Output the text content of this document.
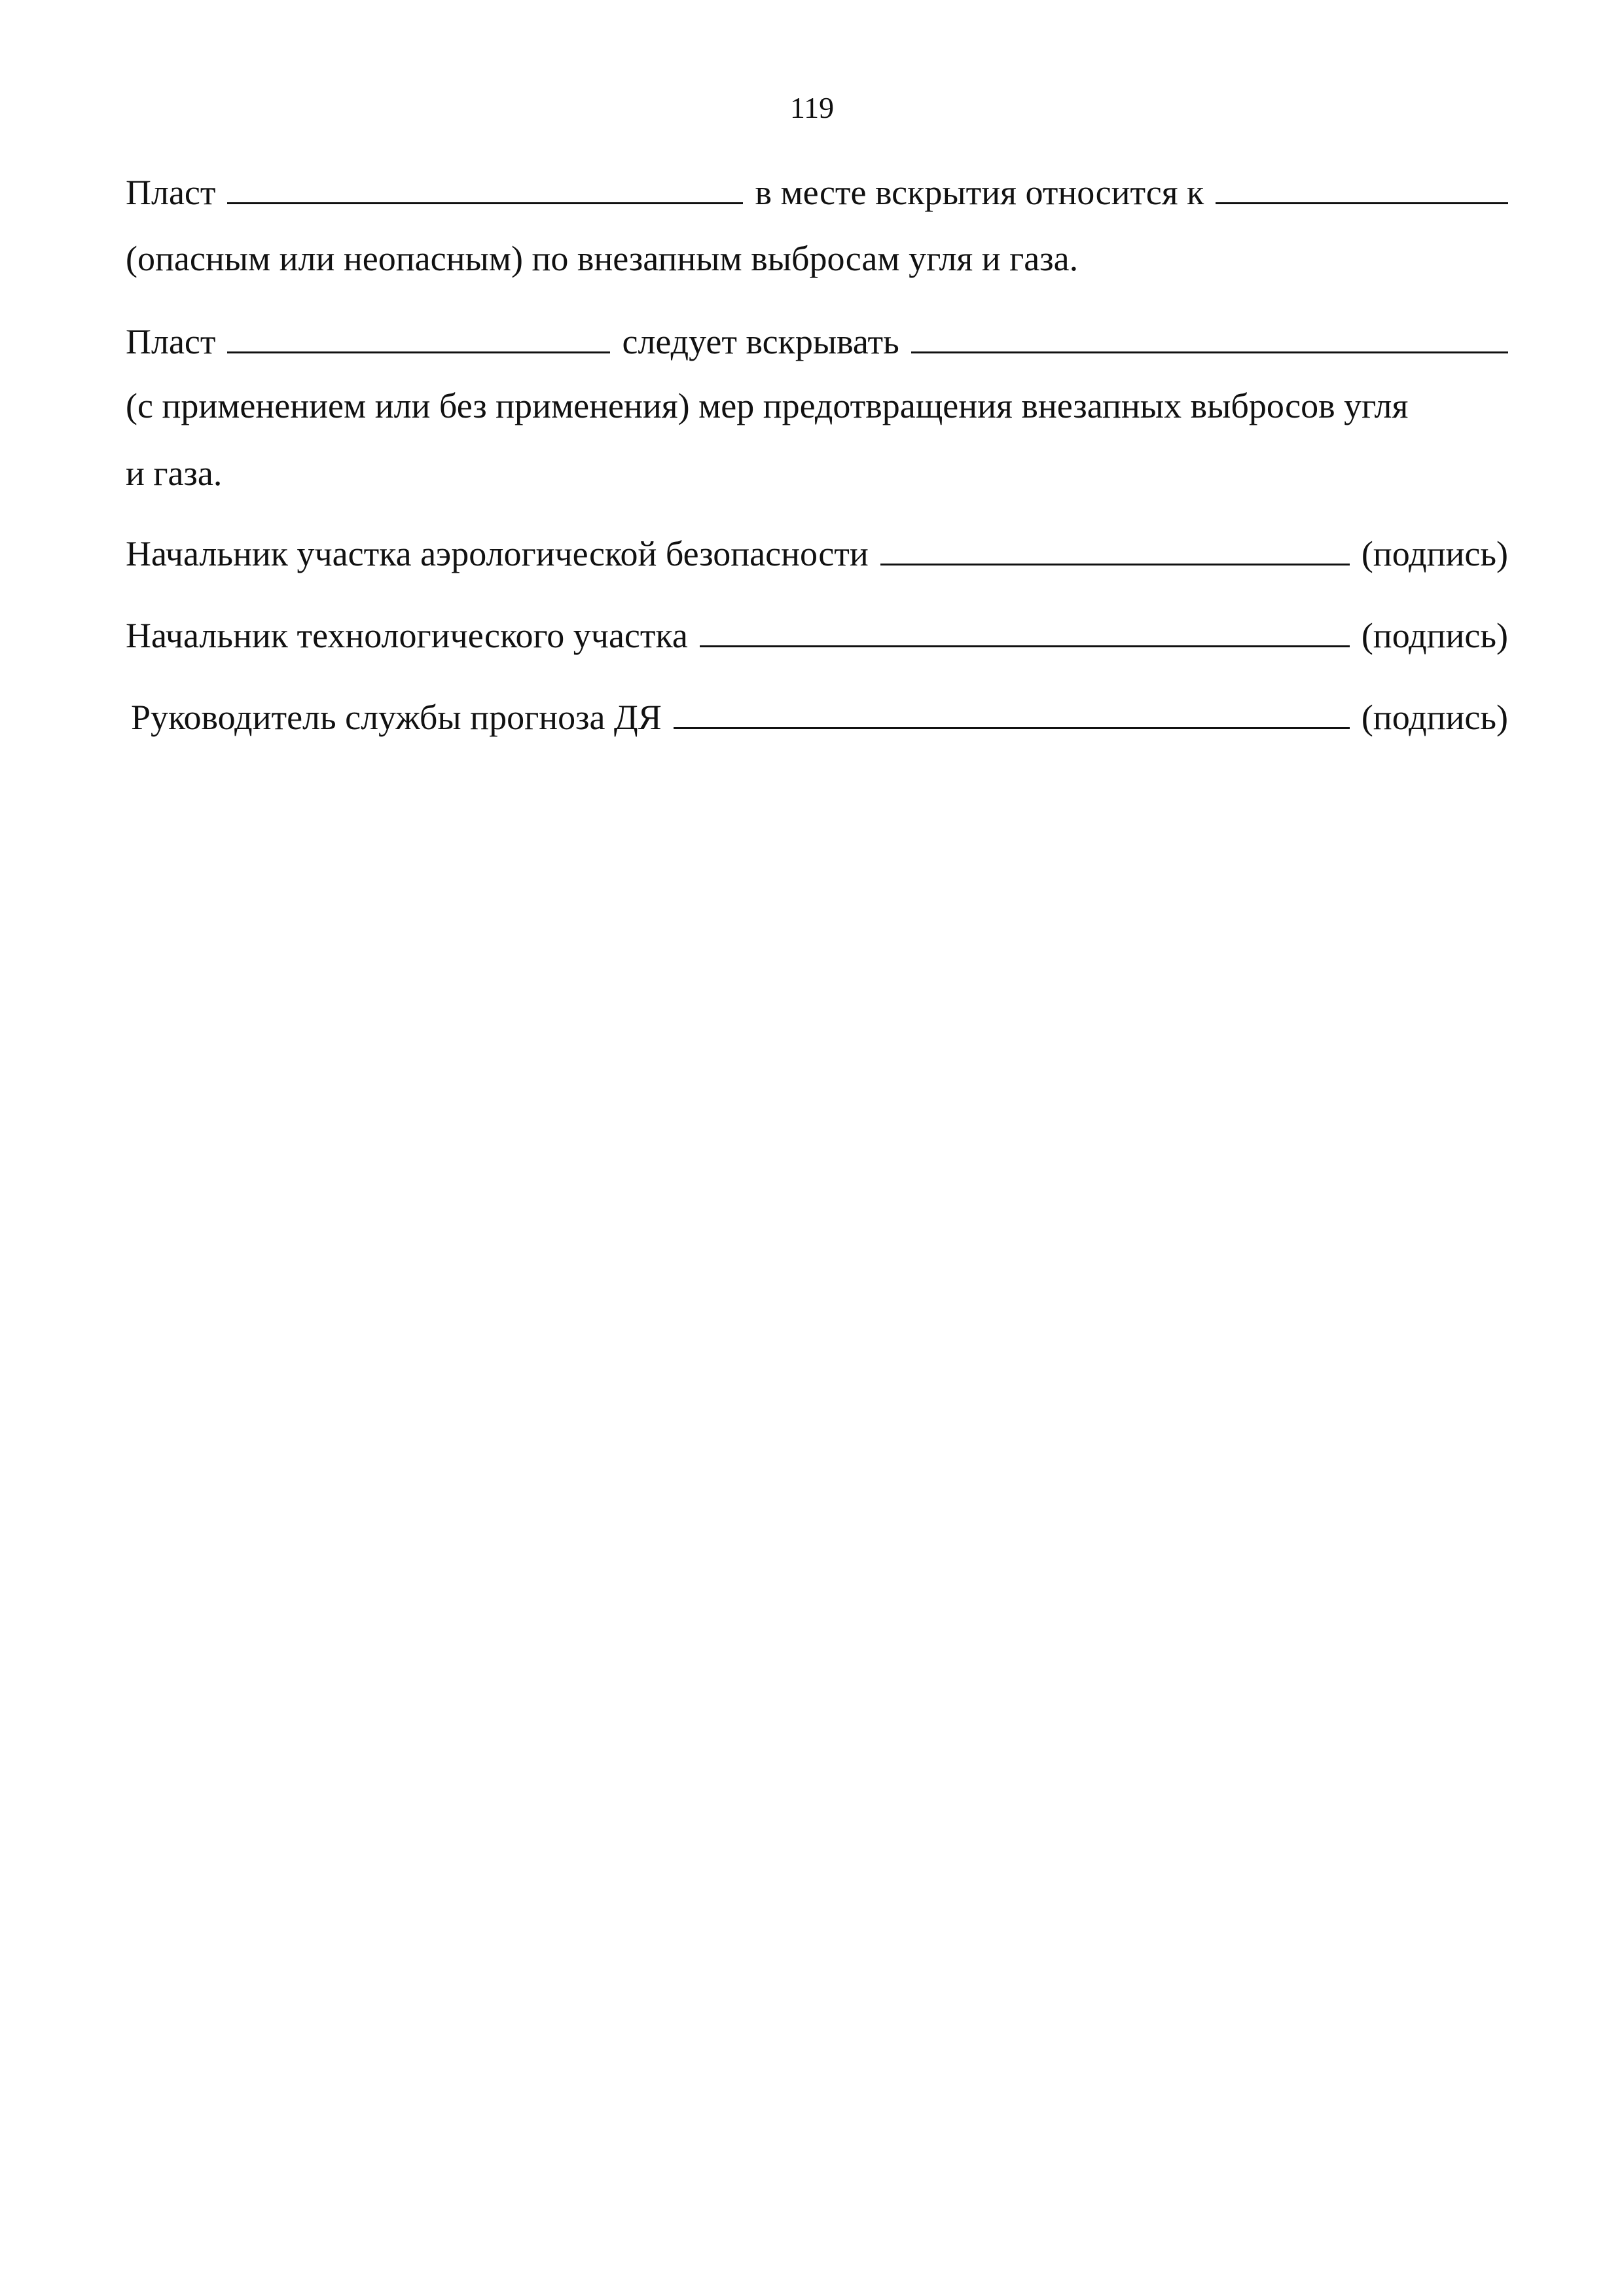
119
Пласт	в месте вскрытия относится к
(опасным или неопасным) по внезапным выбросам угля и газа.
Пласт	следует вскрывать
(с применением или без применения) мер предотвращения внезапных выбросов угля
и газа.
Начальник участка аэрологической безопасности	(подпись)
Начальник технологического участка	(подпись)
Руководитель службы прогноза ДЯ	(подпись)
